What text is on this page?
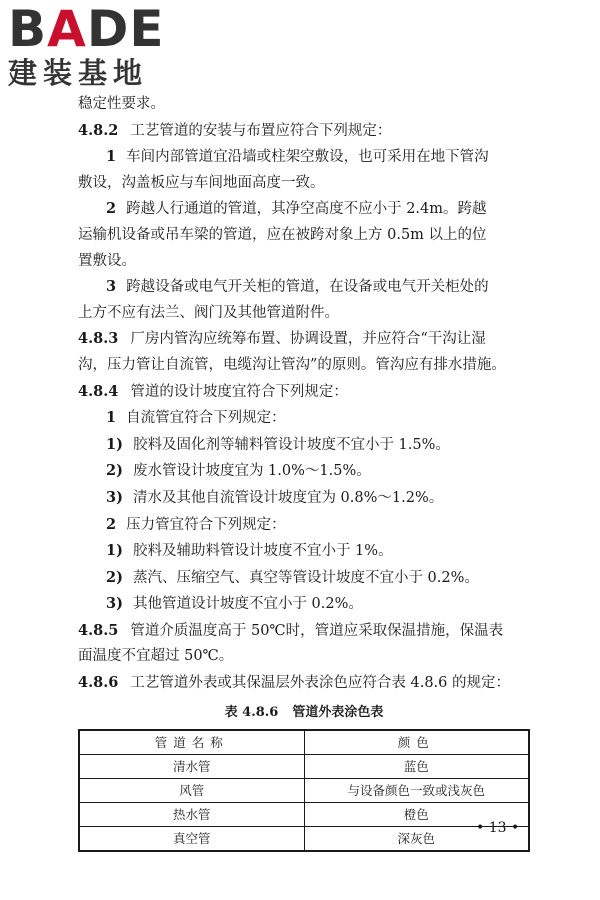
BADE
建装基地
稳定性要求。
4.8.2 工艺管道的安装与布置应符合下列规定：
1 车间内部管道宜沿墙或柱架空敷设，也可采用在地下管沟
敷设，沟盖板应与车间地面高度一致。
2 跨越人行通道的管道，其净空高度不应小于 2.4m。跨越
运输机设备或吊车梁的管道，应在被跨对象上方 0.5m 以上的位
置敷设。
3 跨越设备或电气开关柜的管道，在设备或电气开关柜处的
上方不应有法兰、阀门及其他管道附件。
4.8.3 厂房内管沟应统筹布置、协调设置，并应符合“干沟让湿
沟，压力管让自流管，电缆沟让管沟”的原则。管沟应有排水措施。
4.8.4 管道的设计坡度宜符合下列规定：
1 自流管宜符合下列规定：
1) 胶料及固化剂等辅料管设计坡度不宜小于 1.5%。
2) 废水管设计坡度宜为 1.0%～1.5%。
3) 清水及其他自流管设计坡度宜为 0.8%～1.2%。
2 压力管宜符合下列规定：
1) 胶料及辅助料管设计坡度不宜小于 1%。
2) 蒸汽、压缩空气、真空等管设计坡度不宜小于 0.2%。
3) 其他管道设计坡度不宜小于 0.2%。
4.8.5 管道介质温度高于 50℃时，管道应采取保温措施，保温表
面温度不宜超过 50℃。
4.8.6 工艺管道外表或其保温层外表涂色应符合表 4.8.6 的规定：
表 4.8.6 管道外表涂色表
管道名称	颜色
清水管	蓝色
风管	与设备颜色一致或浅灰色
热水管	橙色
真空管	深灰色
• 13 •
